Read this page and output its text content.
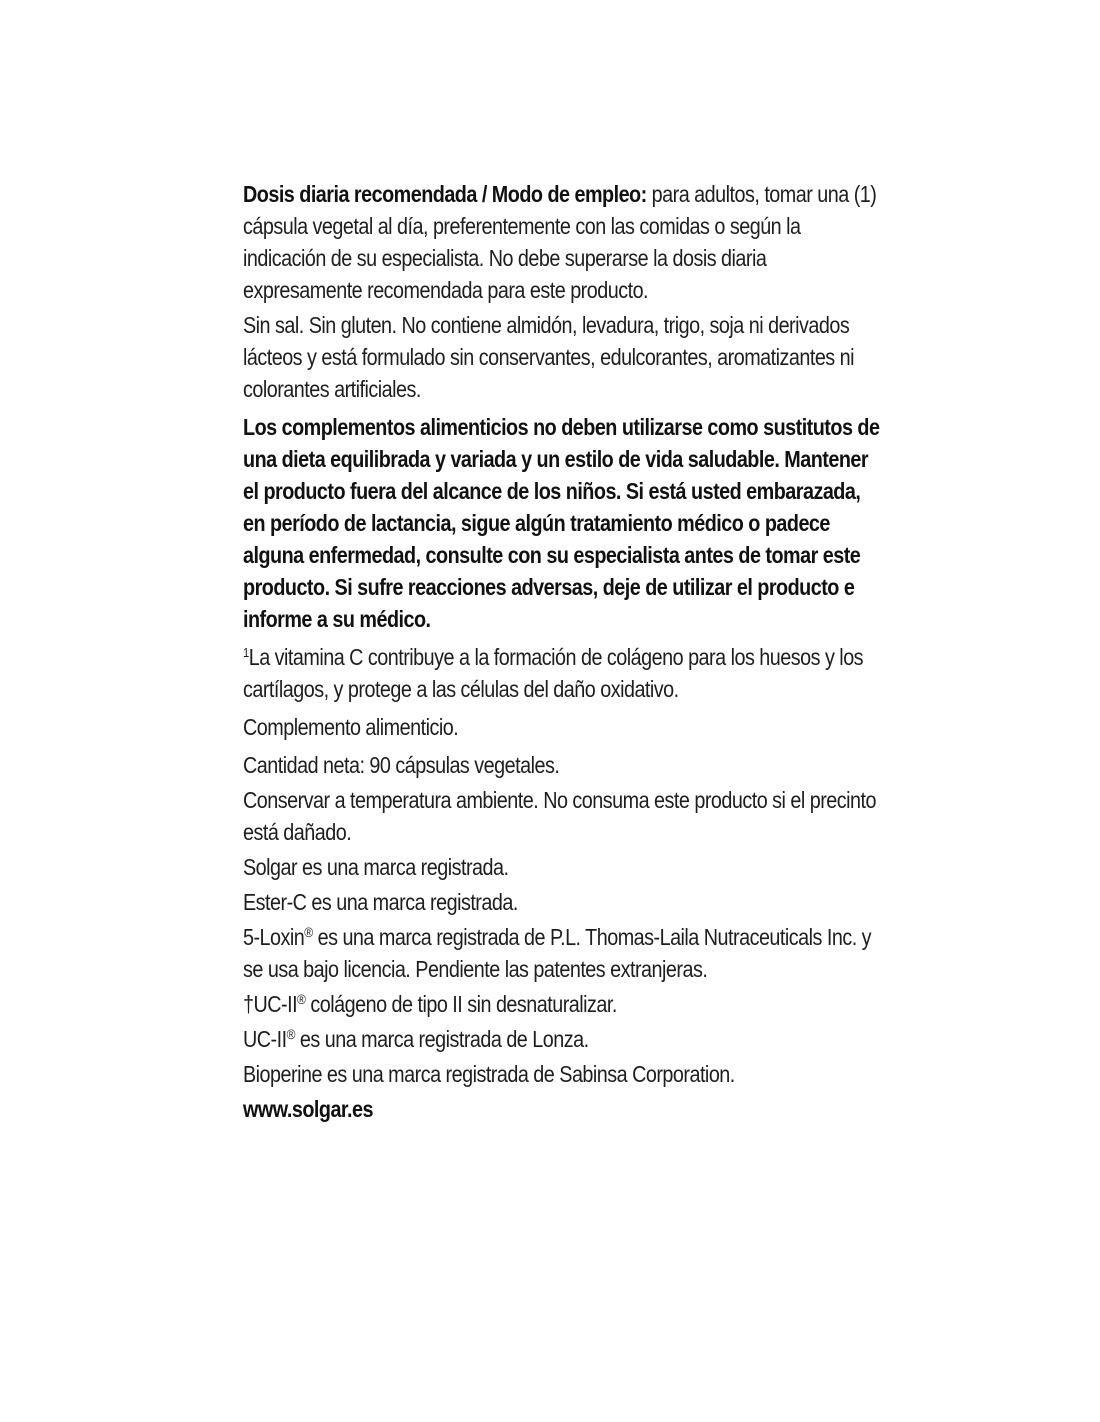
Dosis diaria recomendada / Modo de empleo: para adultos, tomar una (1) cápsula vegetal al día, preferentemente con las comidas o según la indicación de su especialista. No debe superarse la dosis diaria expresamente recomendada para este producto.

Sin sal. Sin gluten. No contiene almidón, levadura, trigo, soja ni derivados lácteos y está formulado sin conservantes, edulcorantes, aromatizantes ni colorantes artificiales.

Los complementos alimenticios no deben utilizarse como sustitutos de una dieta equilibrada y variada y un estilo de vida saludable. Mantener el producto fuera del alcance de los niños. Si está usted embarazada, en período de lactancia, sigue algún tratamiento médico o padece alguna enfermedad, consulte con su especialista antes de tomar este producto. Si sufre reacciones adversas, deje de utilizar el producto e informe a su médico.

$^1$La vitamina C contribuye a la formación de colágeno para los huesos y los cartílagos, y protege a las células del daño oxidativo.

Complemento alimenticio.

Cantidad neta: 90 cápsulas vegetales.

Conservar a temperatura ambiente. No consuma este producto si el precinto está dañado.

Solgar es una marca registrada.

Ester-C es una marca registrada.

5-Loxin® es una marca registrada de P.L. Thomas-Laila Nutraceuticals Inc. y se usa bajo licencia. Pendiente las patentes extranjeras.

†UC-II® colágeno de tipo II sin desnaturalizar.

UC-II® es una marca registrada de Lonza.

Bioperine es una marca registrada de Sabinsa Corporation.

www.solgar.es
